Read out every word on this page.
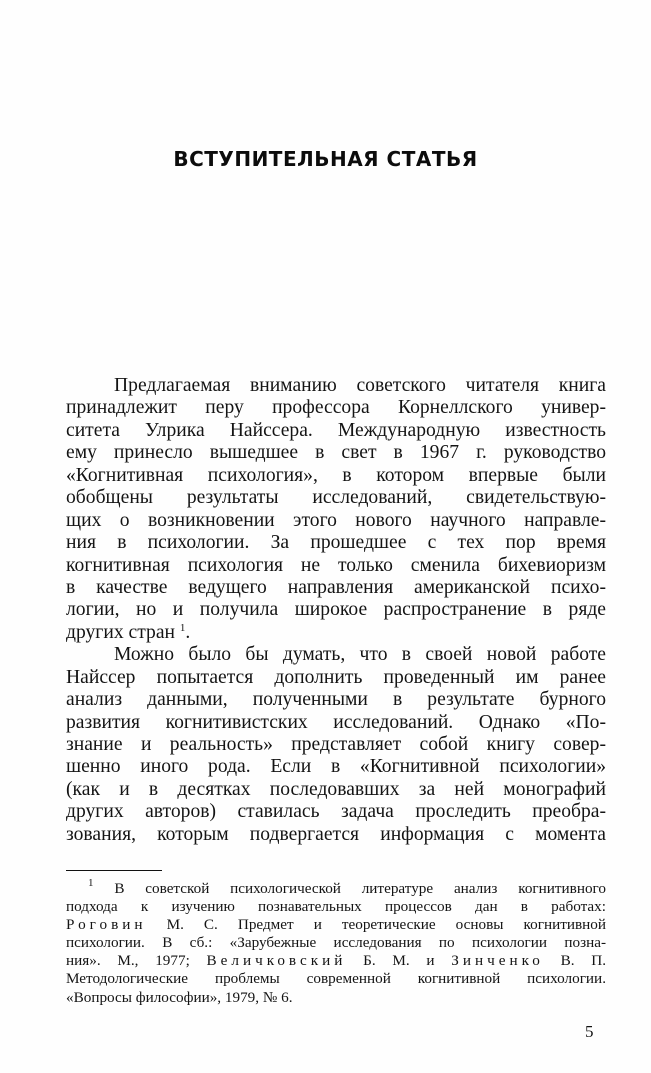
ВСТУПИТЕЛЬНАЯ СТАТЬЯ
Предлагаемая вниманию советского читателя книга
принадлежит перу профессора Корнеллского универ-
ситета Улрика Найссера. Международную известность
ему принесло вышедшее в свет в 1967 г. руководство
«Когнитивная психология», в котором впервые были
обобщены результаты исследований, свидетельствую-
щих о возникновении этого нового научного направле-
ния в психологии. За прошедшее с тех пор время
когнитивная психология не только сменила бихевиоризм
в качестве ведущего направления американской психо-
логии, но и получила широкое распространение в ряде
других стран $^1$.
Можно было бы думать, что в своей новой работе
Найссер попытается дополнить проведенный им ранее
анализ данными, полученными в результате бурного
развития когнитивистских исследований. Однако «По-
знание и реальность» представляет собой книгу совер-
шенно иного рода. Если в «Когнитивной психологии»
(как и в десятках последовавших за ней монографий
других авторов) ставилась задача проследить преобра-
зования, которым подвергается информация с момента
$^1$ В советской психологической литературе анализ когнитивного
подхода к изучению познавательных процессов дан в работах:
Роговин М. С. Предмет и теоретические основы когнитивной
психологии. В сб.: «Зарубежные исследования по психологии позна-
ния». М., 1977; Величковский Б. М. и Зинченко В. П.
Методологические проблемы современной когнитивной психологии.
«Вопросы философии», 1979, № 6.
5
